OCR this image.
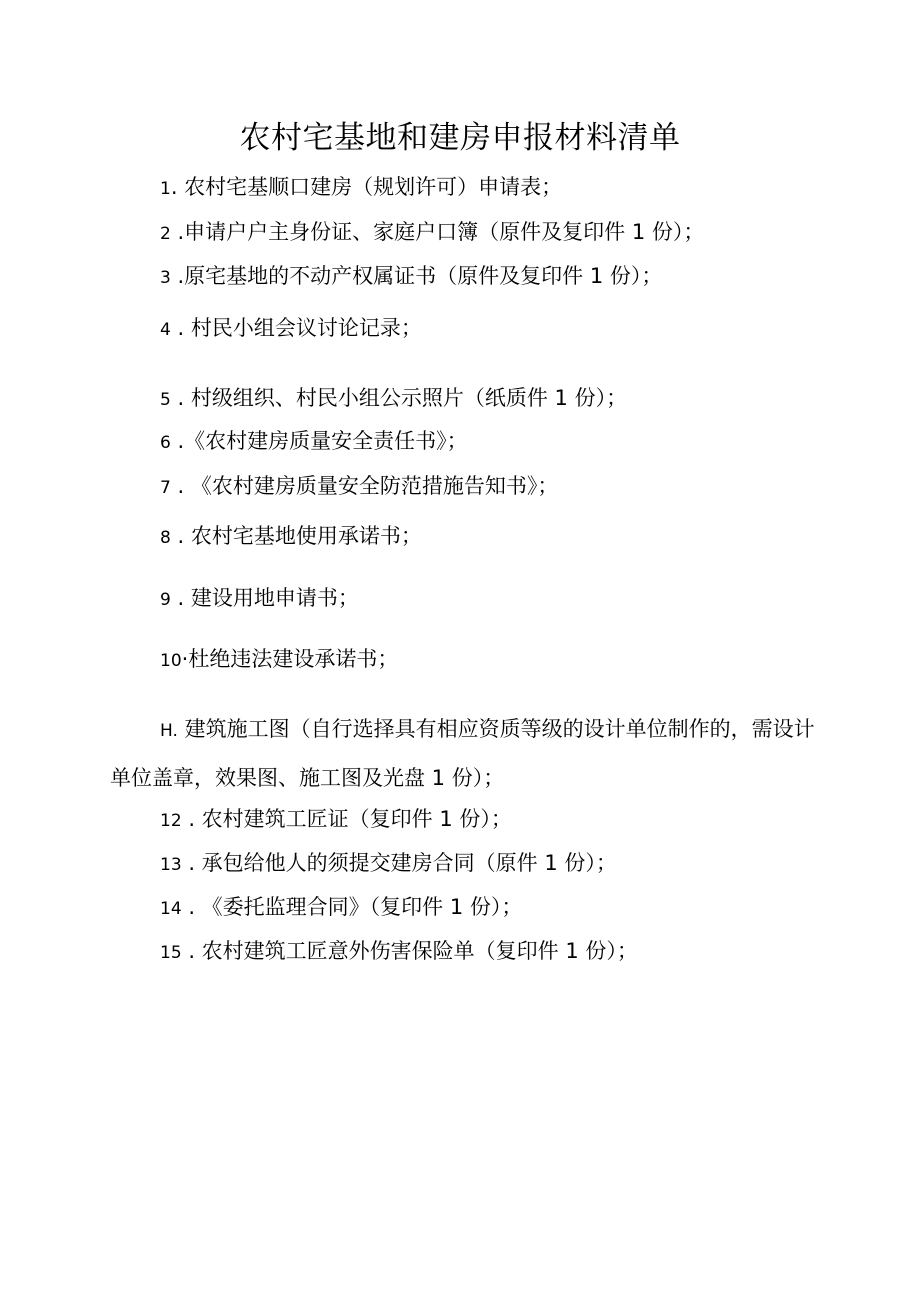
农村宅基地和建房申报材料清单
1. 农村宅基顺口建房（规划许可）申请表；
2 .申请户户主身份证、家庭户口簿（原件及复印件 1 份）；
3 .原宅基地的不动产权属证书（原件及复印件 1 份）；
4 . 村民小组会议讨论记录；
5 . 村级组织、村民小组公示照片（纸质件 1 份）；
6 .《农村建房质量安全责任书》；
7 . 《农村建房质量安全防范措施告知书》；
8 . 农村宅基地使用承诺书；
9 . 建设用地申请书；
10·杜绝违法建设承诺书；
H. 建筑施工图（自行选择具有相应资质等级的设计单位制作的，需设计单位盖章，效果图、施工图及光盘 1 份）；
12 . 农村建筑工匠证（复印件 1 份）；
13 . 承包给他人的须提交建房合同（原件 1 份）；
14 . 《委托监理合同》（复印件 1 份）；
15 . 农村建筑工匠意外伤害保险单（复印件 1 份）；
